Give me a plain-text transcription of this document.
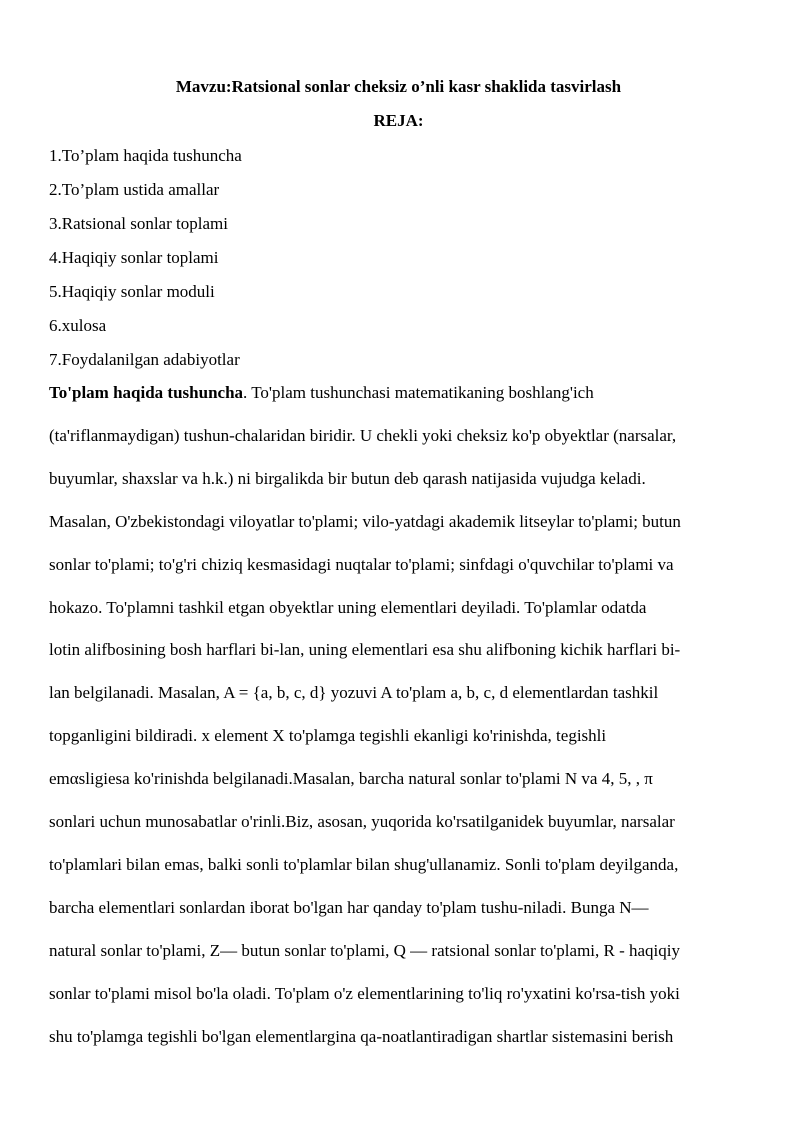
Mavzu:Ratsional sonlar cheksiz o’nli kasr shaklida tasvirlash

REJA:

1.To’plam haqida tushuncha
2.To’plam ustida amallar
3.Ratsional sonlar toplami
4.Haqiqiy sonlar toplami
5.Haqiqiy sonlar moduli
6.xulosa
7.Foydalanilgan adabiyotlar
To'plam haqida tushuncha. To'plam tushunchasi matematikaning boshlang'ich
(ta'riflanmaydigan) tushun-chalaridan biridir. U chekli yoki cheksiz ko'p obyektlar (narsalar,
buyumlar, shaxslar va h.k.) ni birgalikda bir butun deb qarash natijasida vujudga keladi.
Masalan, O'zbekistondagi viloyatlar to'plami; vilo-yatdagi akademik litseylar to'plami; butun
sonlar to'plami; to'g'ri chiziq kesmasidagi nuqtalar to'plami; sinfdagi o'quvchilar to'plami va
hokazo. To'plamni tashkil etgan obyektlar uning elementlari deyiladi. To'plamlar odatda
lotin alifbosining bosh harflari bi-lan, uning elementlari esa shu alifboning kichik harflari bi-
lan belgilanadi. Masalan, A = {a, b, c, d} yozuvi A to'plam a, b, c, d elementlardan tashkil
topganligini bildiradi. x element X to'plamga tegishli ekanligi ko'rinishda, tegishli
emαsligiesa ko'rinishda belgilanadi.Masalan, barcha natural sonlar to'plami N va 4, 5, , π
sonlari uchun munosabatlar o'rinli.Biz, asosan, yuqorida ko'rsatilganidek buyumlar, narsalar
to'plamlari bilan emas, balki sonli to'plamlar bilan shug'ullanamiz. Sonli to'plam deyilganda,
barcha elementlari sonlardan iborat bo'lgan har qanday to'plam tushu-niladi. Bunga N—
natural sonlar to'plami, Z— butun sonlar to'plami, Q — ratsional sonlar to'plami, R - haqiqiy
sonlar to'plami misol bo'la oladi. To'plam o'z elementlarining to'liq ro'yxatini ko'rsa-tish yoki
shu to'plamga tegishli bo'lgan elementlargina qa-noatlantiradigan shartlar sistemasini berish
